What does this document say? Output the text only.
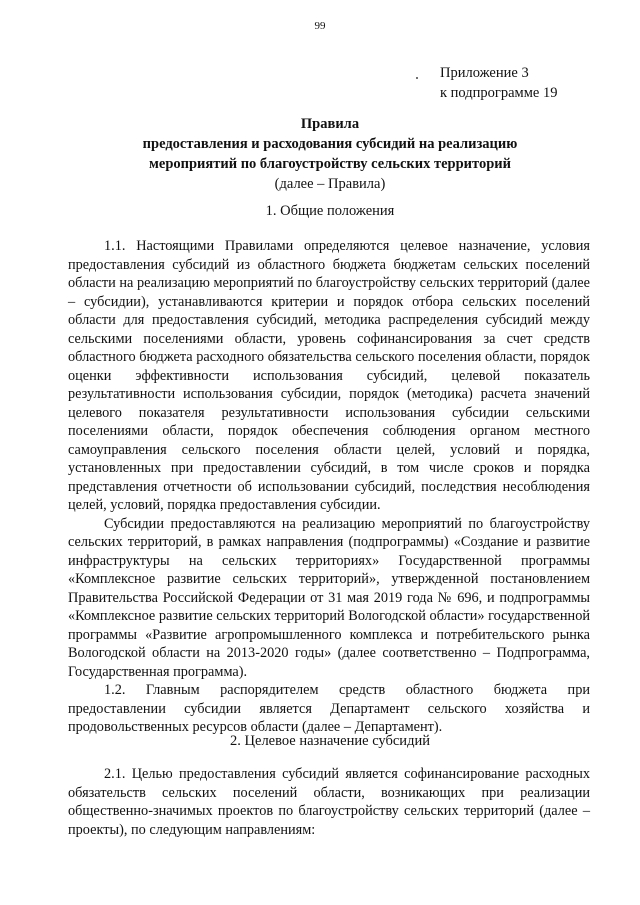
99
Приложение 3
к подпрограмме 19
Правила
предоставления и расходования субсидий на реализацию
мероприятий по благоустройству сельских территорий
(далее – Правила)
1. Общие положения

1.1. Настоящими Правилами определяются целевое назначение, условия предоставления субсидий из областного бюджета бюджетам сельских поселений области на реализацию мероприятий по благоустройству сельских территорий (далее – субсидии), устанавливаются критерии и порядок отбора сельских поселений области для предоставления субсидий, методика распределения субсидий между сельскими поселениями области, уровень софинансирования за счет средств областного бюджета расходного обязательства сельского поселения области, порядок оценки эффективности использования субсидий, целевой показатель результативности использования субсидии, порядок (методика) расчета значений целевого показателя результативности использования субсидии сельскими поселениями области, порядок обеспечения соблюдения органом местного самоуправления сельского поселения области целей, условий и порядка, установленных при предоставлении субсидий, в том числе сроков и порядка представления отчетности об использовании субсидий, последствия несоблюдения целей, условий, порядка предоставления субсидии.

Субсидии предоставляются на реализацию мероприятий по благоустройству сельских территорий, в рамках направления (подпрограммы) «Создание и развитие инфраструктуры на сельских территориях» Государственной программы «Комплексное развитие сельских территорий», утвержденной постановлением Правительства Российской Федерации от 31 мая 2019 года № 696, и подпрограммы «Комплексное развитие сельских территорий Вологодской области» государственной программы «Развитие агропромышленного комплекса и потребительского рынка Вологодской области на 2013-2020 годы» (далее соответственно – Подпрограмма, Государственная программа).

1.2. Главным распорядителем средств областного бюджета при предоставлении субсидии является Департамент сельского хозяйства и продовольственных ресурсов области (далее – Департамент).

2. Целевое назначение субсидий

2.1. Целью предоставления субсидий является софинансирование расходных обязательств сельских поселений области, возникающих при реализации общественно-значимых проектов по благоустройству сельских территорий (далее – проекты), по следующим направлениям:
